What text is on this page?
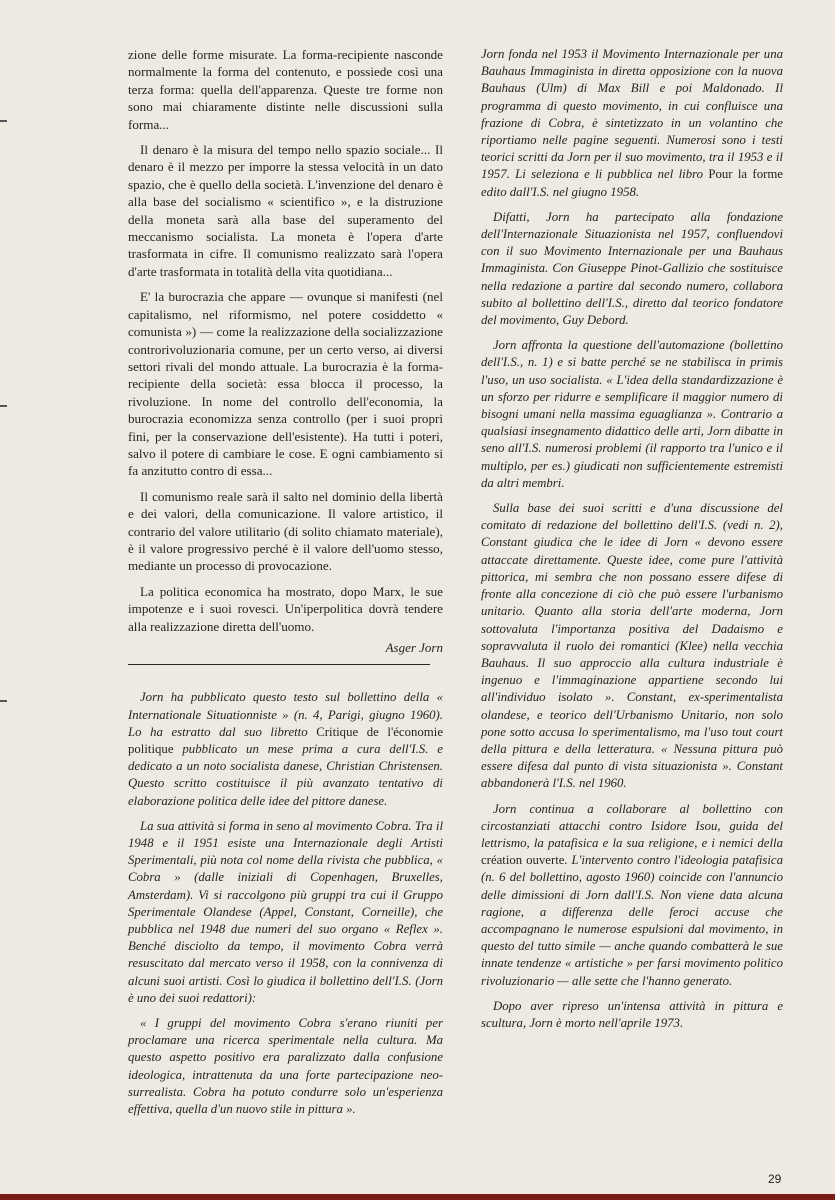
zione delle forme misurate. La forma-recipiente nasconde normalmente la forma del contenuto, e possiede così una terza forma: quella dell'apparenza. Queste tre forme non sono mai chiaramente distinte nelle discussioni sulla forma...

Il denaro è la misura del tempo nello spazio sociale... Il denaro è il mezzo per imporre la stessa velocità in un dato spazio, che è quello della società. L'invenzione del denaro è alla base del socialismo « scientifico », e la distruzione della moneta sarà alla base del superamento del meccanismo socialista. La moneta è l'opera d'arte trasformata in cifre. Il comunismo realizzato sarà l'opera d'arte trasformata in totalità della vita quotidiana...

E' la burocrazia che appare — ovunque si manifesti (nel capitalismo, nel riformismo, nel potere cosiddetto « comunista ») — come la realizzazione della socializzazione controrivoluzionaria comune, per un certo verso, ai diversi settori rivali del mondo attuale. La burocrazia è la forma-recipiente della società: essa blocca il processo, la rivoluzione. In nome del controllo dell'economia, la burocrazia economizza senza controllo (per i suoi propri fini, per la conservazione dell'esistente). Ha tutti i poteri, salvo il potere di cambiare le cose. E ogni cambiamento si fa anzitutto contro di essa...

Il comunismo reale sarà il salto nel dominio della libertà e dei valori, della comunicazione. Il valore artistico, il contrario del valore utilitario (di solito chiamato materiale), è il valore progressivo perché è il valore dell'uomo stesso, mediante un processo di provocazione.

La politica economica ha mostrato, dopo Marx, le sue impotenze e i suoi rovesci. Un'iperpolitica dovrà tendere alla realizzazione diretta dell'uomo.

Asger Jorn

Jorn ha pubblicato questo testo sul bollettino della « Internationale Situationniste » (n. 4, Parigi, giugno 1960). Lo ha estratto dal suo libretto Critique de l'économie politique pubblicato un mese prima a cura dell'I.S. e dedicato a un noto socialista danese, Christian Christensen. Questo scritto costituisce il più avanzato tentativo di elaborazione politica delle idee del pittore danese.

La sua attività si forma in seno al movimento Cobra. Tra il 1948 e il 1951 esiste una Internazionale degli Artisti Sperimentali, più nota col nome della rivista che pubblica, « Cobra » (dalle iniziali di Copenhagen, Bruxelles, Amsterdam). Vi si raccolgono più gruppi tra cui il Gruppo Sperimentale Olandese (Appel, Constant, Corneille), che pubblica nel 1948 due numeri del suo organo « Reflex ». Benché disciolto da tempo, il movimento Cobra verrà resuscitato dal mercato verso il 1958, con la connivenza di alcuni suoi artisti. Così lo giudica il bollettino dell'I.S. (Jorn è uno dei suoi redattori):

« I gruppi del movimento Cobra s'erano riuniti per proclamare una ricerca sperimentale nella cultura. Ma questo aspetto positivo era paralizzato dalla confusione ideologica, intrattenuta da una forte partecipazione neo-surrealista. Cobra ha potuto condurre solo un'esperienza effettiva, quella d'un nuovo stile in pittura ».

Jorn fonda nel 1953 il Movimento Internazionale per una Bauhaus Immaginista in diretta opposizione con la nuova Bauhaus (Ulm) di Max Bill e poi Maldonado. Il programma di questo movimento, in cui confluisce una frazione di Cobra, è sintetizzato in un volantino che riportiamo nelle pagine seguenti. Numerosi sono i testi teorici scritti da Jorn per il suo movimento, tra il 1953 e il 1957. Li seleziona e li pubblica nel libro Pour la forme edito dall'I.S. nel giugno 1958.

Difatti, Jorn ha partecipato alla fondazione dell'Internazionale Situazionista nel 1957, confluendovi con il suo Movimento Internazionale per una Bauhaus Immaginista. Con Giuseppe Pinot-Gallizio che sostituisce nella redazione a partire dal secondo numero, collabora subito al bollettino dell'I.S., diretto dal teorico fondatore del movimento, Guy Debord.

Jorn affronta la questione dell'automazione (bollettino dell'I.S., n. 1) e si batte perché se ne stabilisca in primis l'uso, un uso socialista. « L'idea della standardizzazione è un sforzo per ridurre e semplificare il maggior numero di bisogni umani nella massima eguaglianza ». Contrario a qualsiasi insegnamento didattico delle arti, Jorn dibatte in seno all'I.S. numerosi problemi (il rapporto tra l'unico e il multiplo, per es.) giudicati non sufficientemente estremisti da altri membri.

Sulla base dei suoi scritti e d'una discussione del comitato di redazione del bollettino dell'I.S. (vedi n. 2), Constant giudica che le idee di Jorn « devono essere attaccate direttamente. Queste idee, come pure l'attività pittorica, mi sembra che non possano essere difese di fronte alla concezione di ciò che può essere l'urbanismo unitario. Quanto alla storia dell'arte moderna, Jorn sottovaluta l'importanza positiva del Dadaismo e sopravvaluta il ruolo dei romantici (Klee) nella vecchia Bauhaus. Il suo approccio alla cultura industriale è ingenuo e l'immaginazione appartiene secondo lui all'individuo isolato ». Constant, ex-sperimentalista olandese, e teorico dell'Urbanismo Unitario, non solo pone sotto accusa lo sperimentalismo, ma l'uso tout court della pittura e della letteratura. « Nessuna pittura può essere difesa dal punto di vista situazionista ». Constant abbandonerà l'I.S. nel 1960.

Jorn continua a collaborare al bollettino con circostanziati attacchi contro Isidore Isou, guida del lettrismo, la patafisica e la sua religione, e i nemici della création ouverte. L'intervento contro l'ideologia patafisica (n. 6 del bollettino, agosto 1960) coincide con l'annuncio delle dimissioni di Jorn dall'I.S. Non viene data alcuna ragione, a differenza delle feroci accuse che accompagnano le numerose espulsioni dal movimento, in questo del tutto simile — anche quando combatterà le sue innate tendenze « artistiche » per farsi movimento politico rivoluzionario — alle sette che l'hanno generato.

Dopo aver ripreso un'intensa attività in pittura e scultura, Jorn è morto nell'aprile 1973.

29
